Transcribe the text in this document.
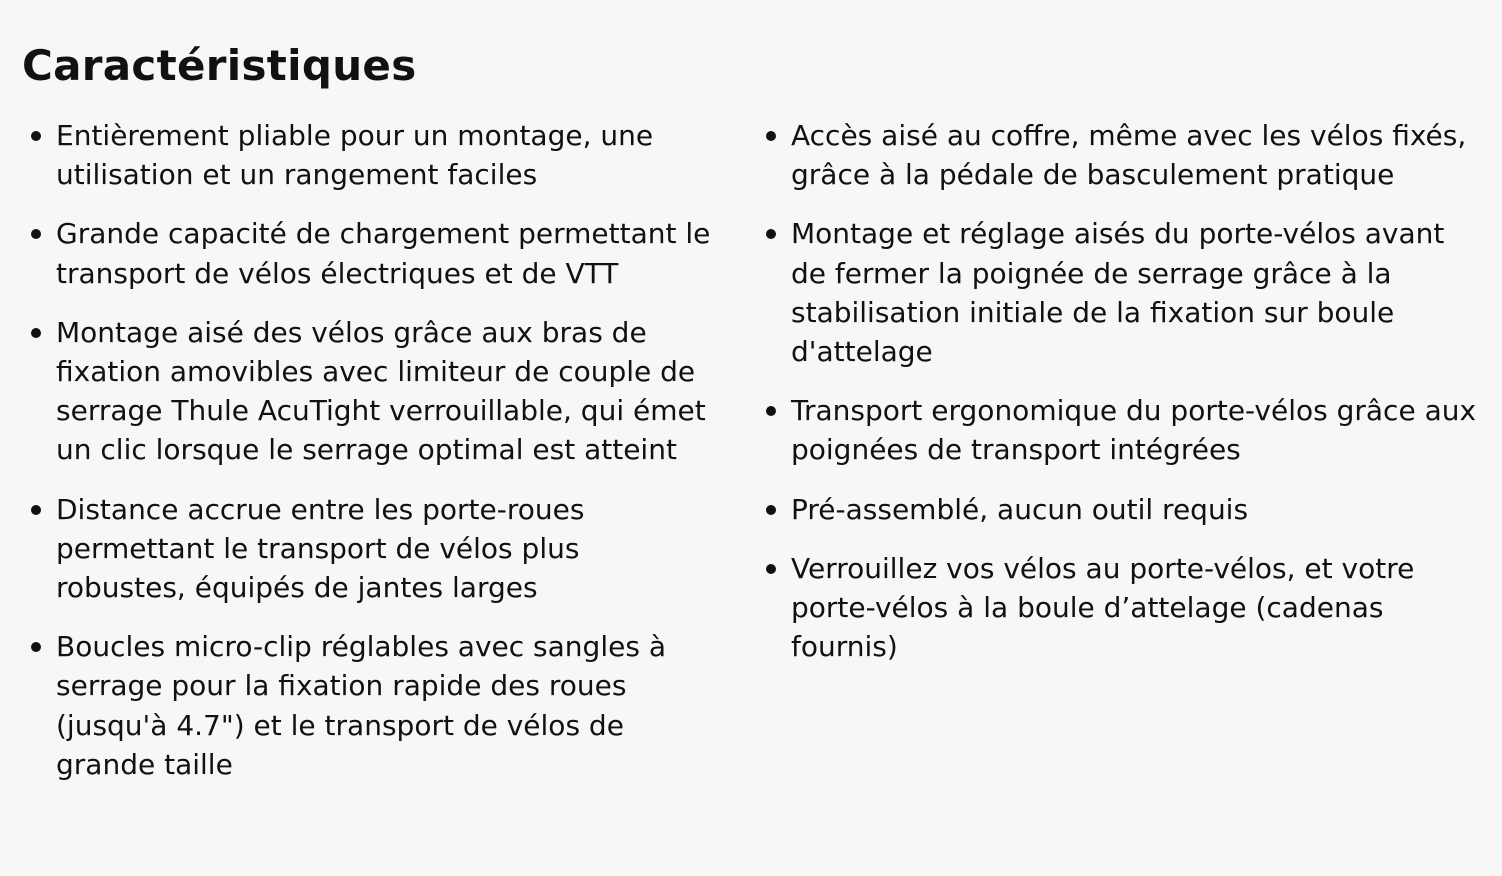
Caractéristiques
Entièrement pliable pour un montage, une utilisation et un rangement faciles
Grande capacité de chargement permettant le transport de vélos électriques et de VTT
Montage aisé des vélos grâce aux bras de fixation amovibles avec limiteur de couple de serrage Thule AcuTight verrouillable, qui émet un clic lorsque le serrage optimal est atteint
Distance accrue entre les porte-roues permettant le transport de vélos plus robustes, équipés de jantes larges
Boucles micro-clip réglables avec sangles à serrage pour la fixation rapide des roues (jusqu'à 4.7") et le transport de vélos de grande taille
Accès aisé au coffre, même avec les vélos fixés, grâce à la pédale de basculement pratique
Montage et réglage aisés du porte-vélos avant de fermer la poignée de serrage grâce à la stabilisation initiale de la fixation sur boule d'attelage
Transport ergonomique du porte-vélos grâce aux poignées de transport intégrées
Pré-assemblé, aucun outil requis
Verrouillez vos vélos au porte-vélos, et votre porte-vélos à la boule d’attelage (cadenas fournis)
